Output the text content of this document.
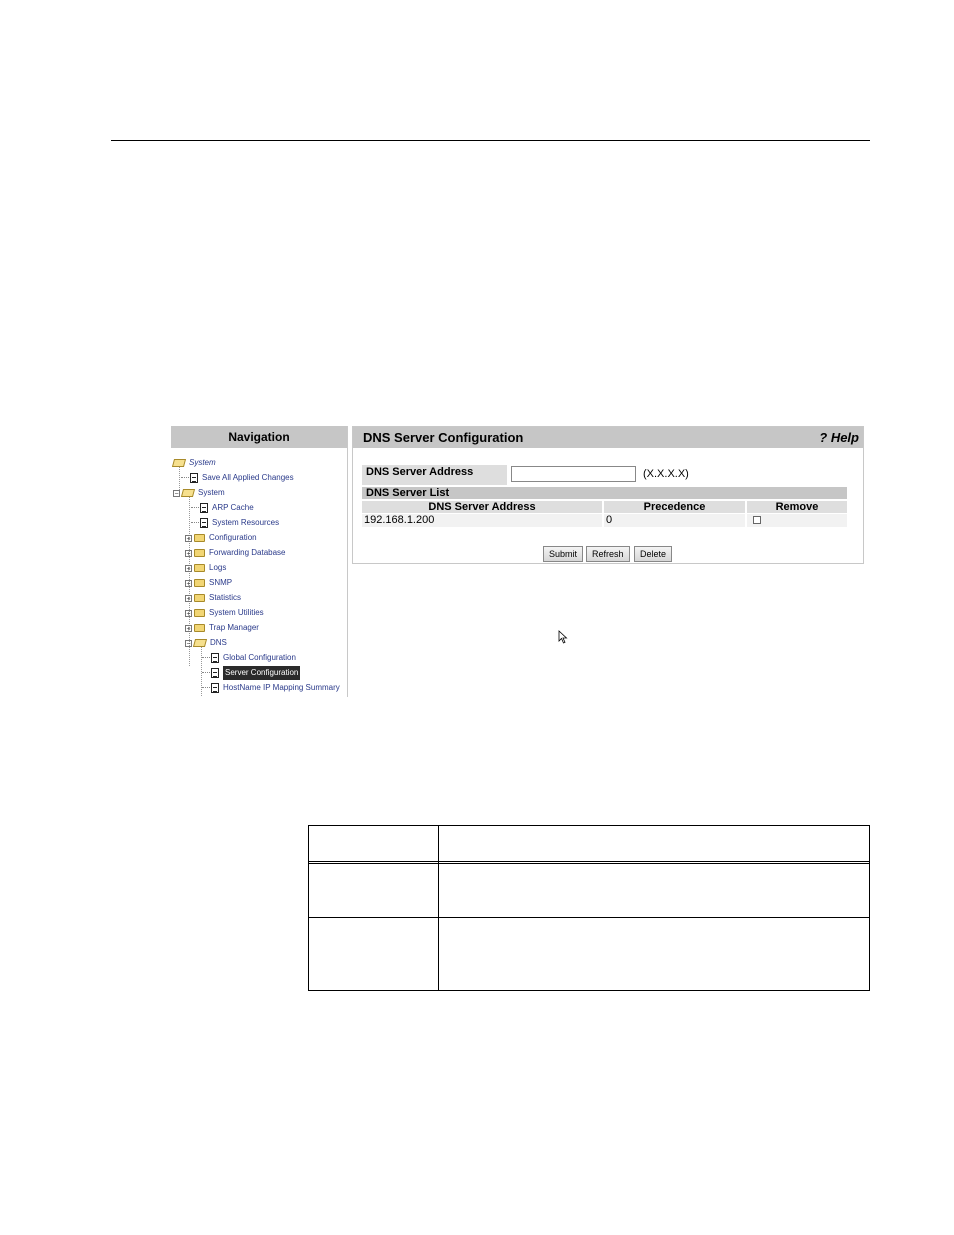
Navigation
System
Save All Applied Changes
− System
ARP Cache
System Resources
+ Configuration
+ Forwarding Database
+ Logs
+ SNMP
+ Statistics
+ System Utilities
+ Trap Manager
− DNS
Global Configuration
Server Configuration
HostName IP Mapping Summary
DNS Server Configuration	? Help
DNS Server Address	(X.X.X.X)
DNS Server List
DNS Server Address	Precedence	Remove
192.168.1.200	0	
Submit	Refresh	Delete
